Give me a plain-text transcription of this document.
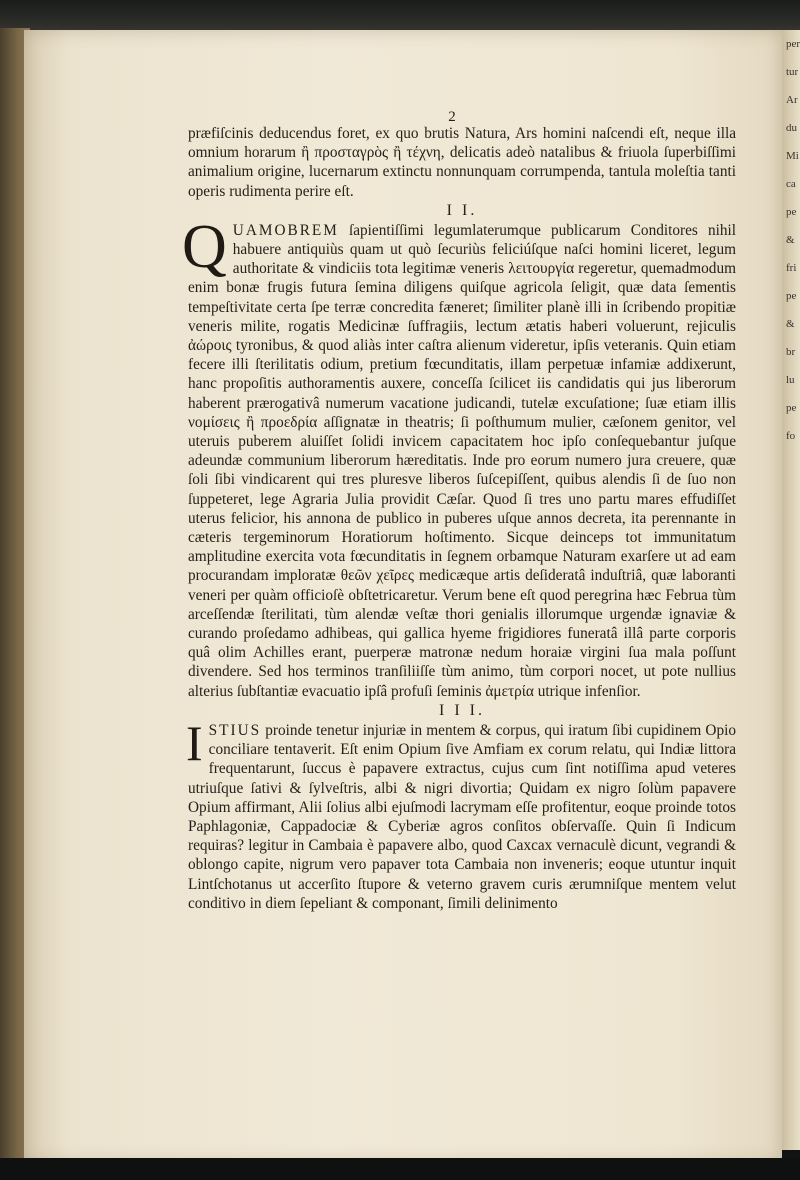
per
tur
Ar
du
Mi
ca
pe
&
fri
pe
&
br
lu
pe
fo
2

præfiſcinis deducendus foret, ex quo brutis Natura, Ars homini naſcendi eſt, neque illa omnium horarum ἢ προσταγρὸς ἢ τέχνη, delicatis adeò natalibus & friuola ſuperbiſſimi animalium origine, lucernarum extinctu nonnunquam corrumpenda, tantula moleſtia tanti operis rudimenta perire eſt.

I I.

QUAMOBREM ſapientiſſimi legumlaterumque publicarum Conditores nihil habuere antiquiùs quam ut quò ſecuriùs feliciúſque naſci homini liceret, legum authoritate & vindiciis tota legitimæ veneris λειτουργία regeretur, quemadmodum enim bonæ frugis futura ſemina diligens quiſque agricola ſeligit, quæ data ſementis tempeſtivitate certa ſpe terræ concredita fæneret; ſimiliter planè illi in ſcribendo propitiæ veneris milite, rogatis Medicinæ ſuffragiis, lectum ætatis haberi voluerunt, rejiculis ἀώροις tyronibus, & quod aliàs inter caſtra alienum videretur, ipſis veteranis. Quin etiam fecere illi ſterilitatis odium, pretium fœcunditatis, illam perpetuæ infamiæ addixerunt, hanc propoſitis authoramentis auxere, conceſſa ſcilicet iis candidatis qui jus liberorum haberent prærogativâ numerum vacatione judicandi, tutelæ excuſatione; ſuæ etiam illis νομίσεις ἢ προεδρία aſſignatæ in theatris; ſi poſthumum mulier, cæſonem genitor, vel uteruis puberem aluiſſet ſolidi invicem capacitatem hoc ipſo conſequebantur juſque adeundæ communium liberorum hæreditatis. Inde pro eorum numero jura creuere, quæ ſoli ſibi vindicarent qui tres pluresve liberos ſuſcepiſſent, quibus alendis ſi de ſuo non ſuppeteret, lege Agraria Julia providit Cæſar. Quod ſi tres uno partu mares effudiſſet uterus felicior, his annona de publico in puberes uſque annos decreta, ita perennante in cæteris tergeminorum Horatiorum hoſtimento. Sicque deinceps tot immunitatum amplitudine exercita vota fœcunditatis in ſegnem orbamque Naturam exarſere ut ad eam procurandam imploratæ θεῶν χεῖρες medicæque artis deſideratâ induſtriâ, quæ laboranti veneri per quàm officioſè obſtetricaretur. Verum bene eſt quod peregrina hæc Februa tùm arceſſendæ ſterilitati, tùm alendæ veſtæ thori genialis illorumque urgendæ ignaviæ & curando proſedamo adhibeas, qui gallica hyeme frigidiores funeratâ illâ parte corporis quâ olim Achilles erant, puerperæ matronæ nedum horaiæ virgini ſua mala poſſunt divendere. Sed hos terminos tranſiliiſſe tùm animo, tùm corpori nocet, ut pote nullius alterius ſubſtantiæ evacuatio ipſâ profuſi ſeminis ἀμετρία utrique infenſior.

I I I.

ISTIUS proinde tenetur injuriæ in mentem & corpus, qui iratum ſibi cupidinem Opio conciliare tentaverit. Eſt enim Opium ſive Amfiam ex corum relatu, qui Indiæ littora frequentarunt, ſuccus è papavere extractus, cujus cum ſint notiſſima apud veteres utriuſque ſativi & ſylveſtris, albi & nigri divortia; Quidam ex nigro ſolùm papavere Opium affirmant, Alii ſolius albi ejuſmodi lacrymam eſſe profitentur, eoque proinde totos Paphlagoniæ, Cappadociæ & Cyberiæ agros conſitos obſervaſſe. Quin ſi Indicum requiras? legitur in Cambaia è papavere albo, quod Caxcax vernaculè dicunt, vegrandi & oblongo capite, nigrum vero papaver tota Cambaia non inveneris; eoque utuntur inquit Lintſchotanus ut accerſito ſtupore & veterno gravem curis ærumniſque mentem velut conditivo in diem ſepeliant & componant, ſimili delinimento
